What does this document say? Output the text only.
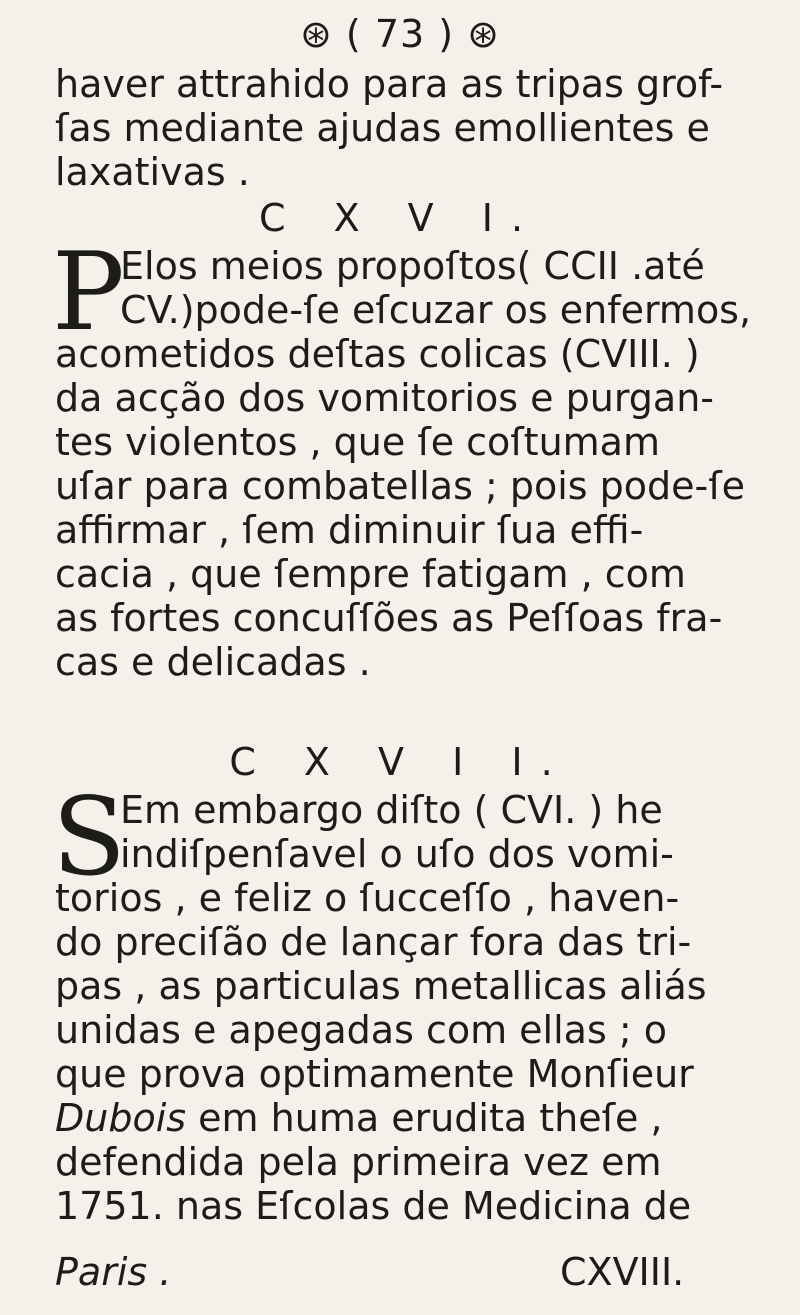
⊛ ( 73 ) ⊛
haver attrahido para as tripas grof-
ſas mediante ajudas emollientes e
laxativas .
C X V I.
P
Elos meios propoſtos( CCII .até
CV.)pode-ſe eſcuzar os enfermos,
acometidos deſtas colicas (CVIII. )
da acção dos vomitorios e purgan-
tes violentos , que ſe coſtumam
uſar para combatellas ; pois pode-ſe
affirmar , ſem diminuir ſua effi-
cacia , que ſempre fatigam , com
as fortes concuſſões as Peſſoas fra-
cas e delicadas .
C X V I I.
S
Em embargo diſto ( CVI. ) he
indiſpenſavel o uſo dos vomi-
torios , e feliz o ſucceſſo , haven-
do preciſão de lançar fora das tri-
pas , as particulas metallicas aliás
unidas e apegadas com ellas ; o
que prova optimamente Monſieur
Dubois em huma erudita theſe ,
defendida pela primeira vez em
1751. nas Eſcolas de Medicina de
Paris .	CXVIII.
